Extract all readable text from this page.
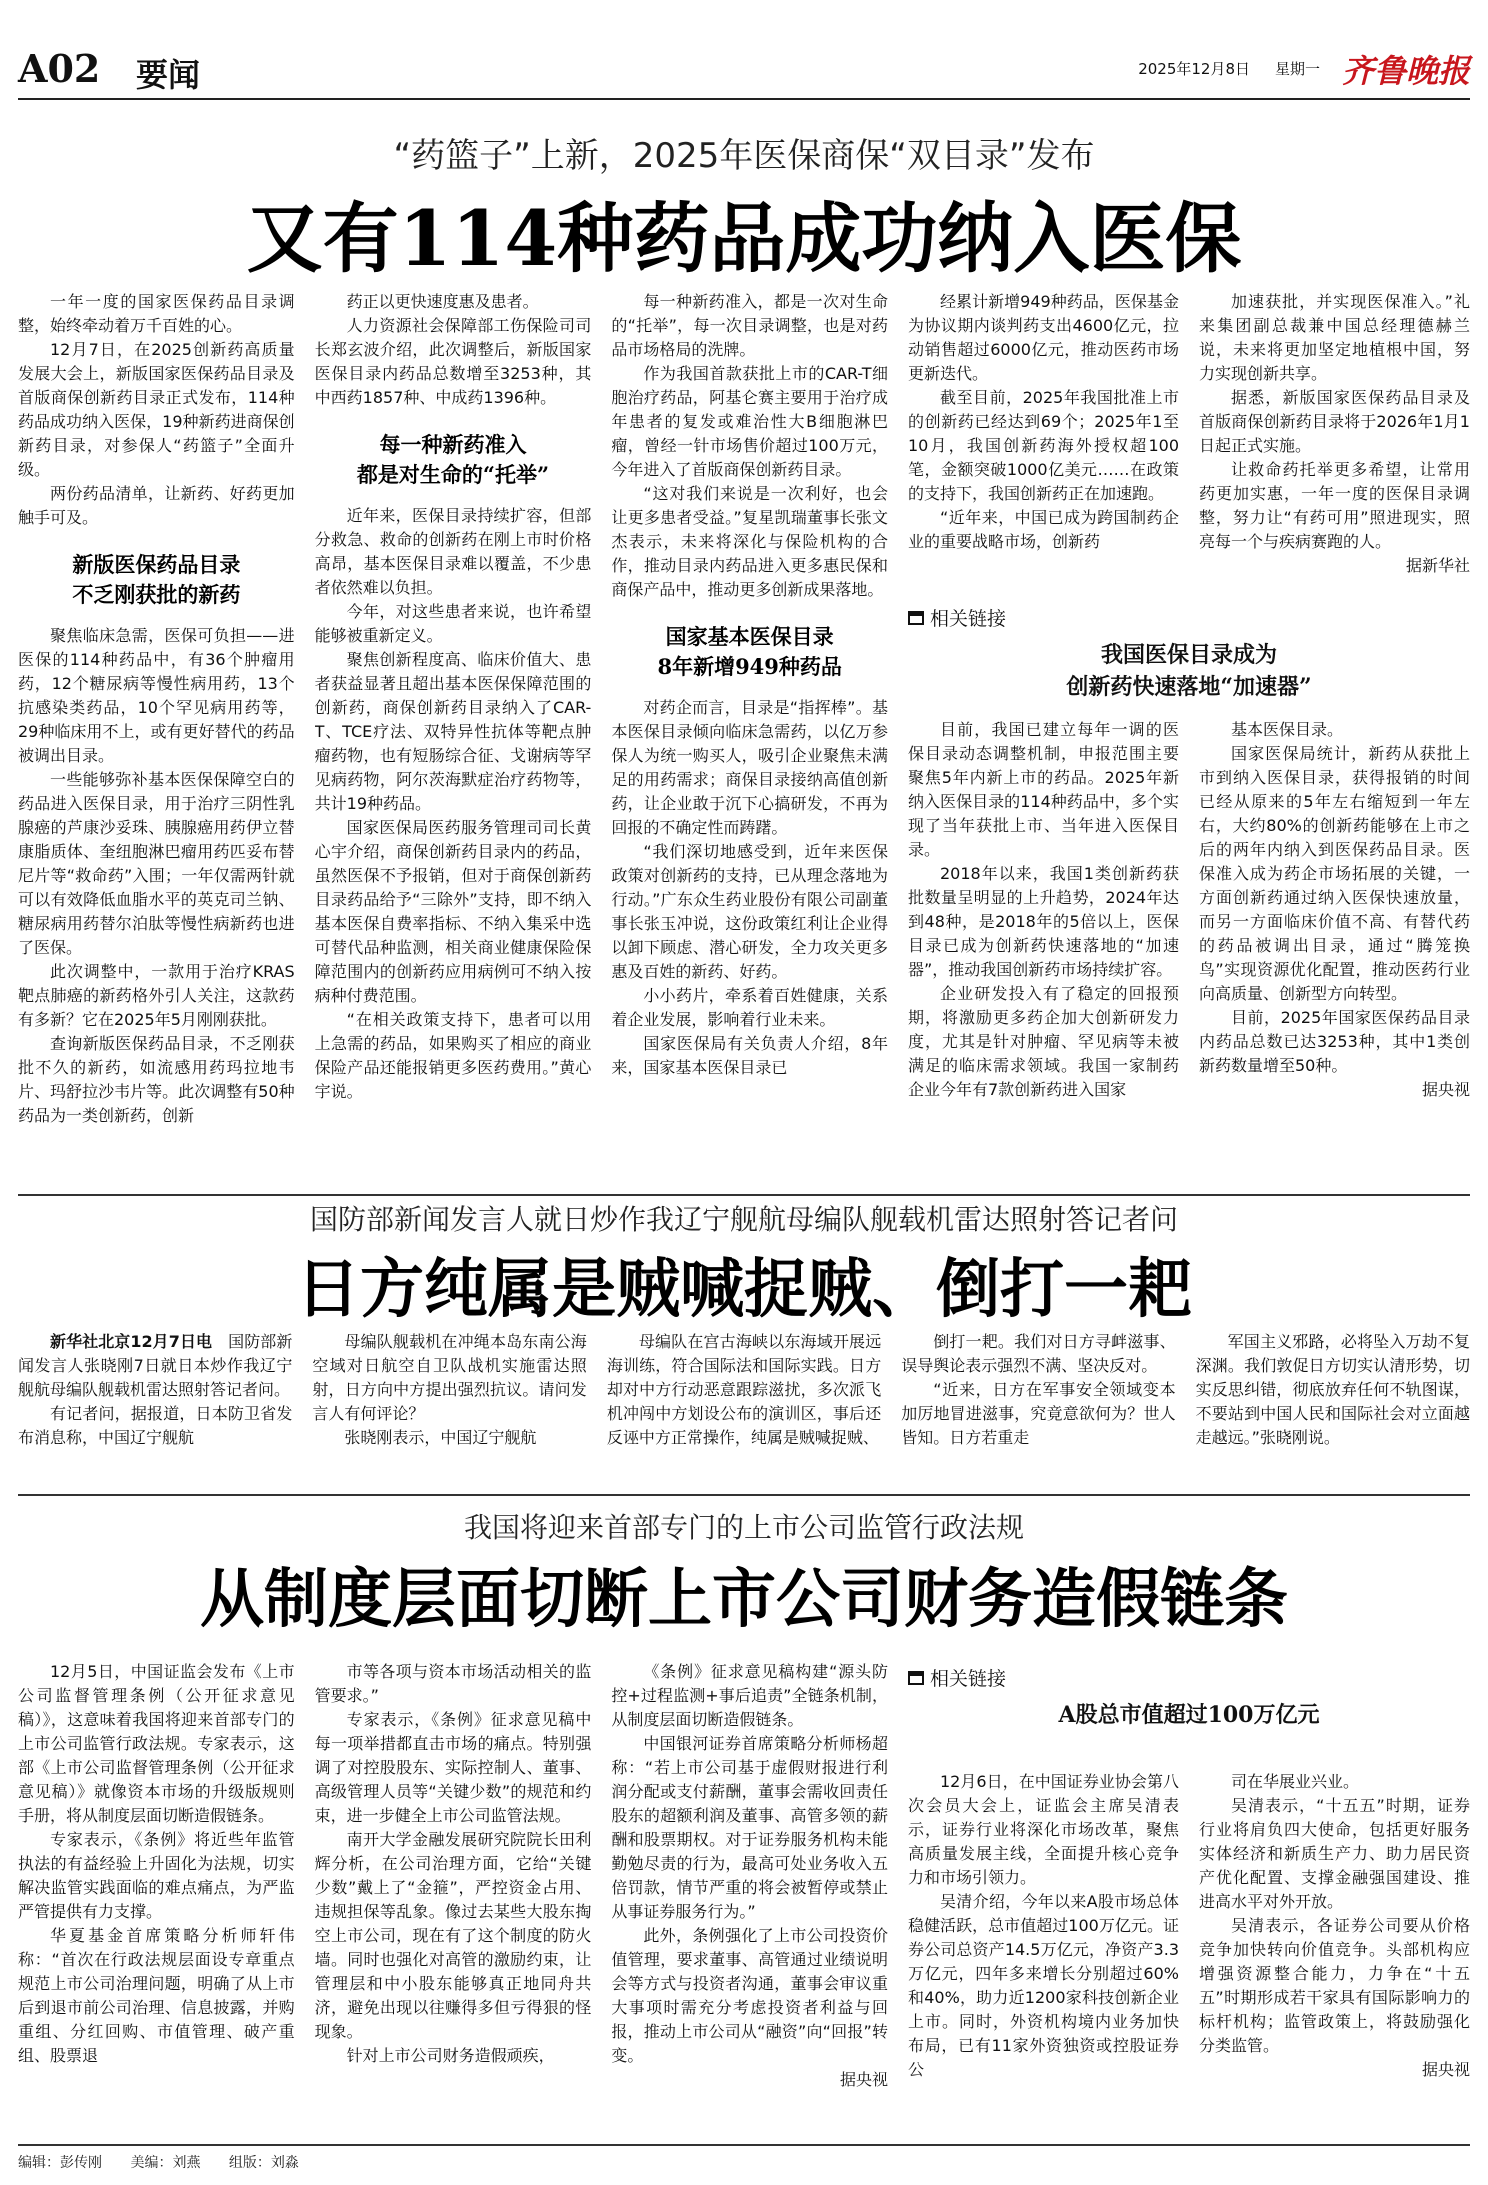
A02 要闻	2025年12月8日 星期一 齐鲁晚报
“药篮子”上新，2025年医保商保“双目录”发布
又有114种药品成功纳入医保

一年一度的国家医保药品目录调整，始终牵动着万千百姓的心。

12月7日，在2025创新药高质量发展大会上，新版国家医保药品目录及首版商保创新药目录正式发布，114种药品成功纳入医保，19种新药进商保创新药目录，对参保人“药篮子”全面升级。

两份药品清单，让新药、好药更加触手可及。

新版医保药品目录
不乏刚获批的新药

聚焦临床急需，医保可负担——进医保的114种药品中，有36个肿瘤用药，12个糖尿病等慢性病用药，13个抗感染类药品，10个罕见病用药等，29种临床用不上，或有更好替代的药品被调出目录。

一些能够弥补基本医保保障空白的药品进入医保目录，用于治疗三阴性乳腺癌的芦康沙妥珠、胰腺癌用药伊立替康脂质体、奎纽胞淋巴瘤用药匹妥布替尼片等“救命药”入围；一年仅需两针就可以有效降低血脂水平的英克司兰钠、糖尿病用药替尔泊肽等慢性病新药也进了医保。

此次调整中，一款用于治疗KRAS靶点肺癌的新药格外引人关注，这款药有多新？它在2025年5月刚刚获批。

查询新版医保药品目录，不乏刚获批不久的新药，如流感用药玛拉地韦片、玛舒拉沙韦片等。此次调整有50种药品为一类创新药，创新

药正以更快速度惠及患者。

人力资源社会保障部工伤保险司司长郑玄波介绍，此次调整后，新版国家医保目录内药品总数增至3253种，其中西药1857种、中成药1396种。

每一种新药准入
都是对生命的“托举”

近年来，医保目录持续扩容，但部分救急、救命的创新药在刚上市时价格高昂，基本医保目录难以覆盖，不少患者依然难以负担。

今年，对这些患者来说，也许希望能够被重新定义。

聚焦创新程度高、临床价值大、患者获益显著且超出基本医保保障范围的创新药，商保创新药目录纳入了CAR-T、TCE疗法、双特异性抗体等靶点肿瘤药物，也有短肠综合征、戈谢病等罕见病药物，阿尔茨海默症治疗药物等，共计19种药品。

国家医保局医药服务管理司司长黄心宇介绍，商保创新药目录内的药品，虽然医保不予报销，但对于商保创新药目录药品给予“三除外”支持，即不纳入基本医保自费率指标、不纳入集采中选可替代品种监测，相关商业健康保险保障范围内的创新药应用病例可不纳入按病种付费范围。

“在相关政策支持下，患者可以用上急需的药品，如果购买了相应的商业保险产品还能报销更多医药费用。”黄心宇说。

每一种新药准入，都是一次对生命的“托举”，每一次目录调整，也是对药品市场格局的洗牌。

作为我国首款获批上市的CAR-T细胞治疗药品，阿基仑赛主要用于治疗成年患者的复发或难治性大B细胞淋巴瘤，曾经一针市场售价超过100万元，今年进入了首版商保创新药目录。

“这对我们来说是一次利好，也会让更多患者受益。”复星凯瑞董事长张文杰表示，未来将深化与保险机构的合作，推动目录内药品进入更多惠民保和商保产品中，推动更多创新成果落地。

国家基本医保目录
8年新增949种药品

对药企而言，目录是“指挥棒”。基本医保目录倾向临床急需药，以亿万参保人为统一购买人，吸引企业聚焦未满足的用药需求；商保目录接纳高值创新药，让企业敢于沉下心搞研发，不再为回报的不确定性而踌躇。

“我们深切地感受到，近年来医保政策对创新药的支持，已从理念落地为行动。”广东众生药业股份有限公司副董事长张玉冲说，这份政策红利让企业得以卸下顾虑、潜心研发，全力攻关更多惠及百姓的新药、好药。

小小药片，牵系着百姓健康，关系着企业发展，影响着行业未来。

国家医保局有关负责人介绍，8年来，国家基本医保目录已

经累计新增949种药品，医保基金为协议期内谈判药支出4600亿元，拉动销售超过6000亿元，推动医药市场更新迭代。

截至目前，2025年我国批准上市的创新药已经达到69个；2025年1至10月，我国创新药海外授权超100笔，金额突破1000亿美元……在政策的支持下，我国创新药正在加速跑。

“近年来，中国已成为跨国制药企业的重要战略市场，创新药

加速获批，并实现医保准入。”礼来集团副总裁兼中国总经理德赫兰说，未来将更加坚定地植根中国，努力实现创新共享。

据悉，新版国家医保药品目录及首版商保创新药目录将于2026年1月1日起正式实施。

让救命药托举更多希望，让常用药更加实惠，一年一度的医保目录调整，努力让“有药可用”照进现实，照亮每一个与疾病赛跑的人。

据新华社

相关链接
我国医保目录成为
创新药快速落地“加速器”

目前，我国已建立每年一调的医保目录动态调整机制，申报范围主要聚焦5年内新上市的药品。2025年新纳入医保目录的114种药品中，多个实现了当年获批上市、当年进入医保目录。

2018年以来，我国1类创新药获批数量呈明显的上升趋势，2024年达到48种，是2018年的5倍以上，医保目录已成为创新药快速落地的“加速器”，推动我国创新药市场持续扩容。

企业研发投入有了稳定的回报预期，将激励更多药企加大创新研发力度，尤其是针对肿瘤、罕见病等未被满足的临床需求领域。我国一家制药企业今年有7款创新药进入国家

基本医保目录。

国家医保局统计，新药从获批上市到纳入医保目录，获得报销的时间已经从原来的5年左右缩短到一年左右，大约80%的创新药能够在上市之后的两年内纳入到医保药品目录。医保准入成为药企市场拓展的关键，一方面创新药通过纳入医保快速放量，而另一方面临床价值不高、有替代药的药品被调出目录，通过“腾笼换鸟”实现资源优化配置，推动医药行业向高质量、创新型方向转型。

目前，2025年国家医保药品目录内药品总数已达3253种，其中1类创新药数量增至50种。

据央视

国防部新闻发言人就日炒作我辽宁舰航母编队舰载机雷达照射答记者问
日方纯属是贼喊捉贼、倒打一耙

新华社北京12月7日电　 国防部新闻发言人张晓刚7日就日本炒作我辽宁舰航母编队舰载机雷达照射答记者问。

有记者问，据报道，日本防卫省发布消息称，中国辽宁舰航

母编队舰载机在冲绳本岛东南公海空域对日航空自卫队战机实施雷达照射，日方向中方提出强烈抗议。请问发言人有何评论？

张晓刚表示，中国辽宁舰航

母编队在宫古海峡以东海域开展远海训练，符合国际法和国际实践。日方却对中方行动恶意跟踪滋扰，多次派飞机冲闯中方划设公布的演训区，事后还反诬中方正常操作，纯属是贼喊捉贼、

倒打一耙。我们对日方寻衅滋事、误导舆论表示强烈不满、坚决反对。

“近来，日方在军事安全领域变本加厉地冒进滋事，究竟意欲何为？世人皆知。日方若重走

军国主义邪路，必将坠入万劫不复深渊。我们敦促日方切实认清形势，切实反思纠错，彻底放弃任何不轨图谋，不要站到中国人民和国际社会对立面越走越远。”张晓刚说。

我国将迎来首部专门的上市公司监管行政法规
从制度层面切断上市公司财务造假链条

12月5日，中国证监会发布《上市公司监督管理条例（公开征求意见稿）》，这意味着我国将迎来首部专门的上市公司监管行政法规。专家表示，这部《上市公司监督管理条例（公开征求意见稿）》就像资本市场的升级版规则手册，将从制度层面切断造假链条。

专家表示，《条例》将近些年监管执法的有益经验上升固化为法规，切实解决监管实践面临的难点痛点，为严监严管提供有力支撑。

华夏基金首席策略分析师轩伟称：“首次在行政法规层面设专章重点规范上市公司治理问题，明确了从上市后到退市前公司治理、信息披露，并购重组、分红回购、市值管理、破产重组、股票退

市等各项与资本市场活动相关的监管要求。”

专家表示，《条例》征求意见稿中每一项举措都直击市场的痛点。特别强调了对控股股东、实际控制人、董事、高级管理人员等“关键少数”的规范和约束，进一步健全上市公司监管法规。

南开大学金融发展研究院院长田利辉分析，在公司治理方面，它给“关键少数”戴上了“金箍”，严控资金占用、违规担保等乱象。像过去某些大股东掏空上市公司，现在有了这个制度的防火墙。同时也强化对高管的激励约束，让管理层和中小股东能够真正地同舟共济，避免出现以往赚得多但亏得狠的怪现象。

针对上市公司财务造假顽疾，

《条例》征求意见稿构建“源头防控+过程监测+事后追责”全链条机制，从制度层面切断造假链条。

中国银河证券首席策略分析师杨超称：“若上市公司基于虚假财报进行利润分配或支付薪酬，董事会需收回责任股东的超额利润及董事、高管多领的薪酬和股票期权。对于证券服务机构未能勤勉尽责的行为，最高可处业务收入五倍罚款，情节严重的将会被暂停或禁止从事证券服务行为。”

此外，条例强化了上市公司投资价值管理，要求董事、高管通过业绩说明会等方式与投资者沟通，董事会审议重大事项时需充分考虑投资者利益与回报，推动上市公司从“融资”向“回报”转变。

据央视

相关链接
A股总市值超过100万亿元

12月6日，在中国证券业协会第八次会员大会上，证监会主席吴清表示，证券行业将深化市场改革，聚焦高质量发展主线，全面提升核心竞争力和市场引领力。

吴清介绍，今年以来A股市场总体稳健活跃，总市值超过100万亿元。证券公司总资产14.5万亿元，净资产3.3万亿元，四年多来增长分别超过60%和40%，助力近1200家科技创新企业上市。同时，外资机构境内业务加快布局，已有11家外资独资或控股证券公

司在华展业兴业。

吴清表示，“十五五”时期，证券行业将肩负四大使命，包括更好服务实体经济和新质生产力、助力居民资产优化配置、支撑金融强国建设、推进高水平对外开放。

吴清表示，各证券公司要从价格竞争加快转向价值竞争。头部机构应增强资源整合能力，力争在“十五五”时期形成若干家具有国际影响力的标杆机构；监管政策上，将鼓励强化分类监管。

据央视

编辑：彭传刚 美编：刘燕 组版：刘淼
